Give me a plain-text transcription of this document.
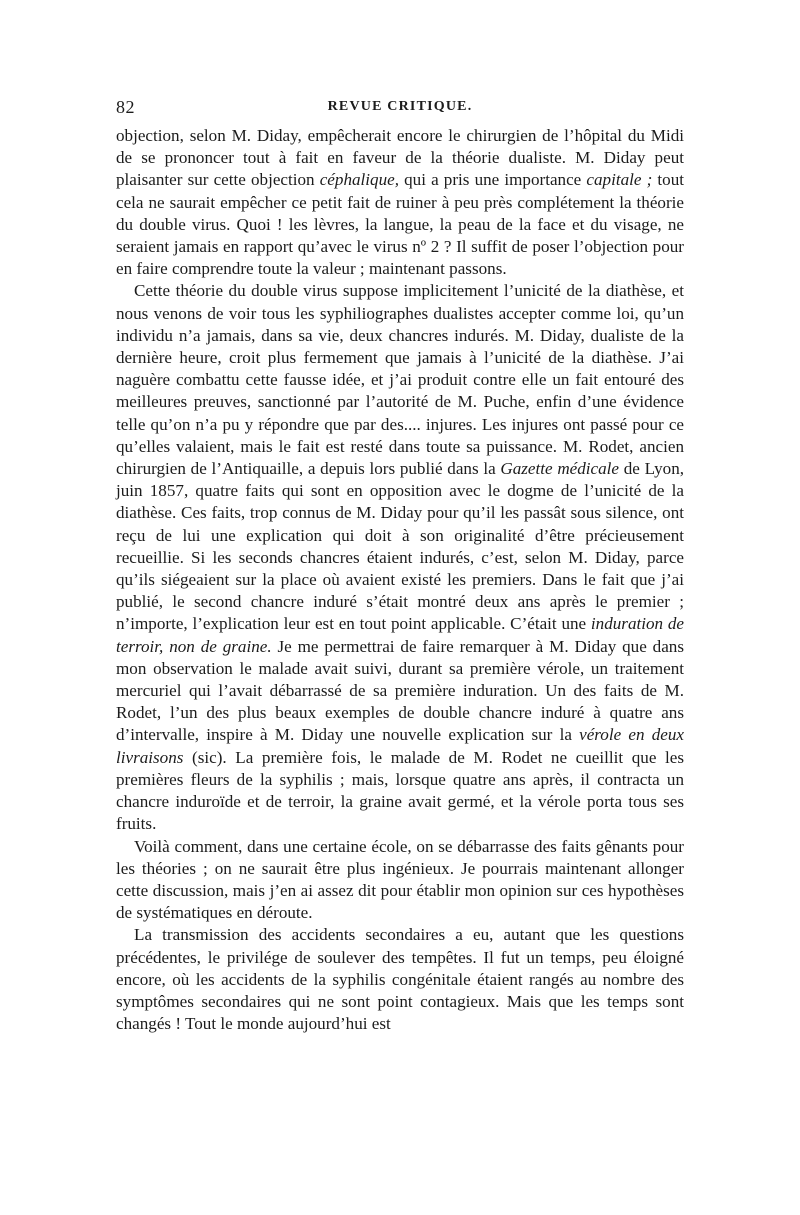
82	REVUE CRITIQUE.

objection, selon M. Diday, empêcherait encore le chirurgien de l’hôpital du Midi de se prononcer tout à fait en faveur de la théorie dualiste. M. Diday peut plaisanter sur cette objection céphalique, qui a pris une importance capitale ; tout cela ne saurait empêcher ce petit fait de ruiner à peu près complétement la théorie du double virus. Quoi ! les lèvres, la langue, la peau de la face et du visage, ne seraient jamais en rapport qu’avec le virus nº 2 ? Il suffit de poser l’objection pour en faire comprendre toute la valeur ; maintenant passons.

Cette théorie du double virus suppose implicitement l’unicité de la diathèse, et nous venons de voir tous les syphiliographes dualistes accepter comme loi, qu’un individu n’a jamais, dans sa vie, deux chancres indurés. M. Diday, dualiste de la dernière heure, croit plus fermement que jamais à l’unicité de la diathèse. J’ai naguère combattu cette fausse idée, et j’ai produit contre elle un fait entouré des meilleures preuves, sanctionné par l’autorité de M. Puche, enfin d’une évidence telle qu’on n’a pu y répondre que par des.... injures. Les injures ont passé pour ce qu’elles valaient, mais le fait est resté dans toute sa puissance. M. Rodet, ancien chirurgien de l’Antiquaille, a depuis lors publié dans la Gazette médicale de Lyon, juin 1857, quatre faits qui sont en opposition avec le dogme de l’unicité de la diathèse. Ces faits, trop connus de M. Diday pour qu’il les passât sous silence, ont reçu de lui une explication qui doit à son originalité d’être précieusement recueillie. Si les seconds chancres étaient indurés, c’est, selon M. Diday, parce qu’ils siégeaient sur la place où avaient existé les premiers. Dans le fait que j’ai publié, le second chancre induré s’était montré deux ans après le premier ; n’importe, l’explication leur est en tout point applicable. C’était une induration de terroir, non de graine. Je me permettrai de faire remarquer à M. Diday que dans mon observation le malade avait suivi, durant sa première vérole, un traitement mercuriel qui l’avait débarrassé de sa première induration. Un des faits de M. Rodet, l’un des plus beaux exemples de double chancre induré à quatre ans d’intervalle, inspire à M. Diday une nouvelle explication sur la vérole en deux livraisons (sic). La première fois, le malade de M. Rodet ne cueillit que les premières fleurs de la syphilis ; mais, lorsque quatre ans après, il contracta un chancre induroïde et de terroir, la graine avait germé, et la vérole porta tous ses fruits.

Voilà comment, dans une certaine école, on se débarrasse des faits gênants pour les théories ; on ne saurait être plus ingénieux. Je pourrais maintenant allonger cette discussion, mais j’en ai assez dit pour établir mon opinion sur ces hypothèses de systématiques en déroute.

La transmission des accidents secondaires a eu, autant que les questions précédentes, le privilége de soulever des tempêtes. Il fut un temps, peu éloigné encore, où les accidents de la syphilis congénitale étaient rangés au nombre des symptômes secondaires qui ne sont point contagieux. Mais que les temps sont changés ! Tout le monde aujourd’hui est
